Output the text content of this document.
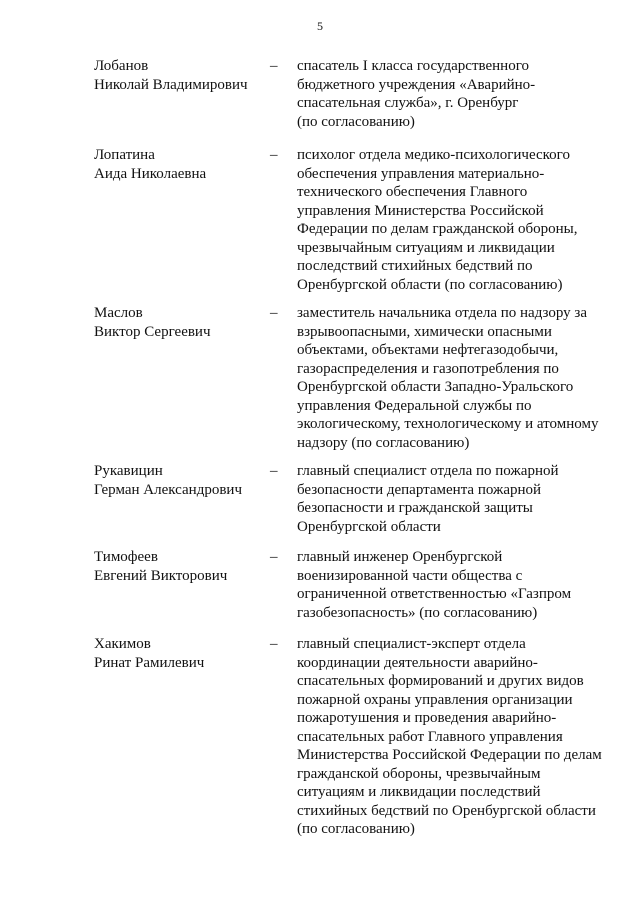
5
Лобанов
Николай Владимирович
– спасатель I класса государственного
бюджетного учреждения «Аварийно-
спасательная служба», г. Оренбург
(по согласованию)
Лопатина
Аида Николаевна
– психолог отдела медико-психологического
обеспечения управления материально-
технического обеспечения Главного
управления Министерства Российской
Федерации по делам гражданской обороны,
чрезвычайным ситуациям и ликвидации
последствий стихийных бедствий по
Оренбургской области (по согласованию)
Маслов
Виктор Сергеевич
– заместитель начальника отдела по надзору за
взрывоопасными, химически опасными
объектами, объектами нефтегазодобычи,
газораспределения и газопотребления по
Оренбургской области Западно-Уральского
управления Федеральной службы по
экологическому, технологическому и атомному
надзору (по согласованию)
Рукавицин
Герман Александрович
– главный специалист отдела по пожарной
безопасности департамента пожарной
безопасности и гражданской защиты
Оренбургской области
Тимофеев
Евгений Викторович
– главный инженер Оренбургской
военизированной части общества с
ограниченной ответственностью «Газпром
газобезопасность» (по согласованию)
Хакимов
Ринат Рамилевич
– главный специалист-эксперт отдела
координации деятельности аварийно-
спасательных формирований и других видов
пожарной охраны управления организации
пожаротушения и проведения аварийно-
спасательных работ Главного управления
Министерства Российской Федерации по делам
гражданской обороны, чрезвычайным
ситуациям и ликвидации последствий
стихийных бедствий по Оренбургской области
(по согласованию)
